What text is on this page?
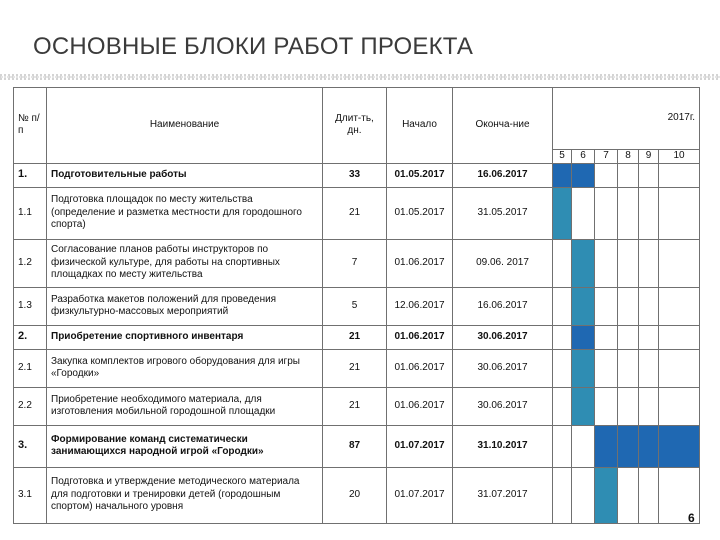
ОСНОВНЫЕ БЛОКИ РАБОТ ПРОЕКТА
№ п/п	Наименование	Длит-ть, дн.	Начало	Оконча-ние	2017г.					
					5	6	7	8	9	10
1.	Подготовительные работы	33	01.05.2017	16.06.2017						
1.1	Подготовка площадок по месту жительства (определение и разметка местности для городошного спорта)	21	01.05.2017	31.05.2017						
1.2	Согласование планов работы инструкторов по физической культуре, для работы на спортивных площадках по месту жительства	7	01.06.2017	09.06. 2017						
1.3	Разработка макетов положений для проведения физкультурно-массовых мероприятий	5	12.06.2017	16.06.2017						
2.	Приобретение спортивного инвентаря	21	01.06.2017	30.06.2017						
2.1	Закупка комплектов игрового оборудования для игры «Городки»	21	01.06.2017	30.06.2017						
2.2	Приобретение необходимого материала, для изготовления мобильной городошной площадки	21	01.06.2017	30.06.2017						
3.	Формирование команд систематически занимающихся народной игрой «Городки»	87	01.07.2017	31.10.2017						
3.1	Подготовка и утверждение методического материала для подготовки и тренировки детей (городошным спортом) начального уровня	20	01.07.2017	31.07.2017						
6
